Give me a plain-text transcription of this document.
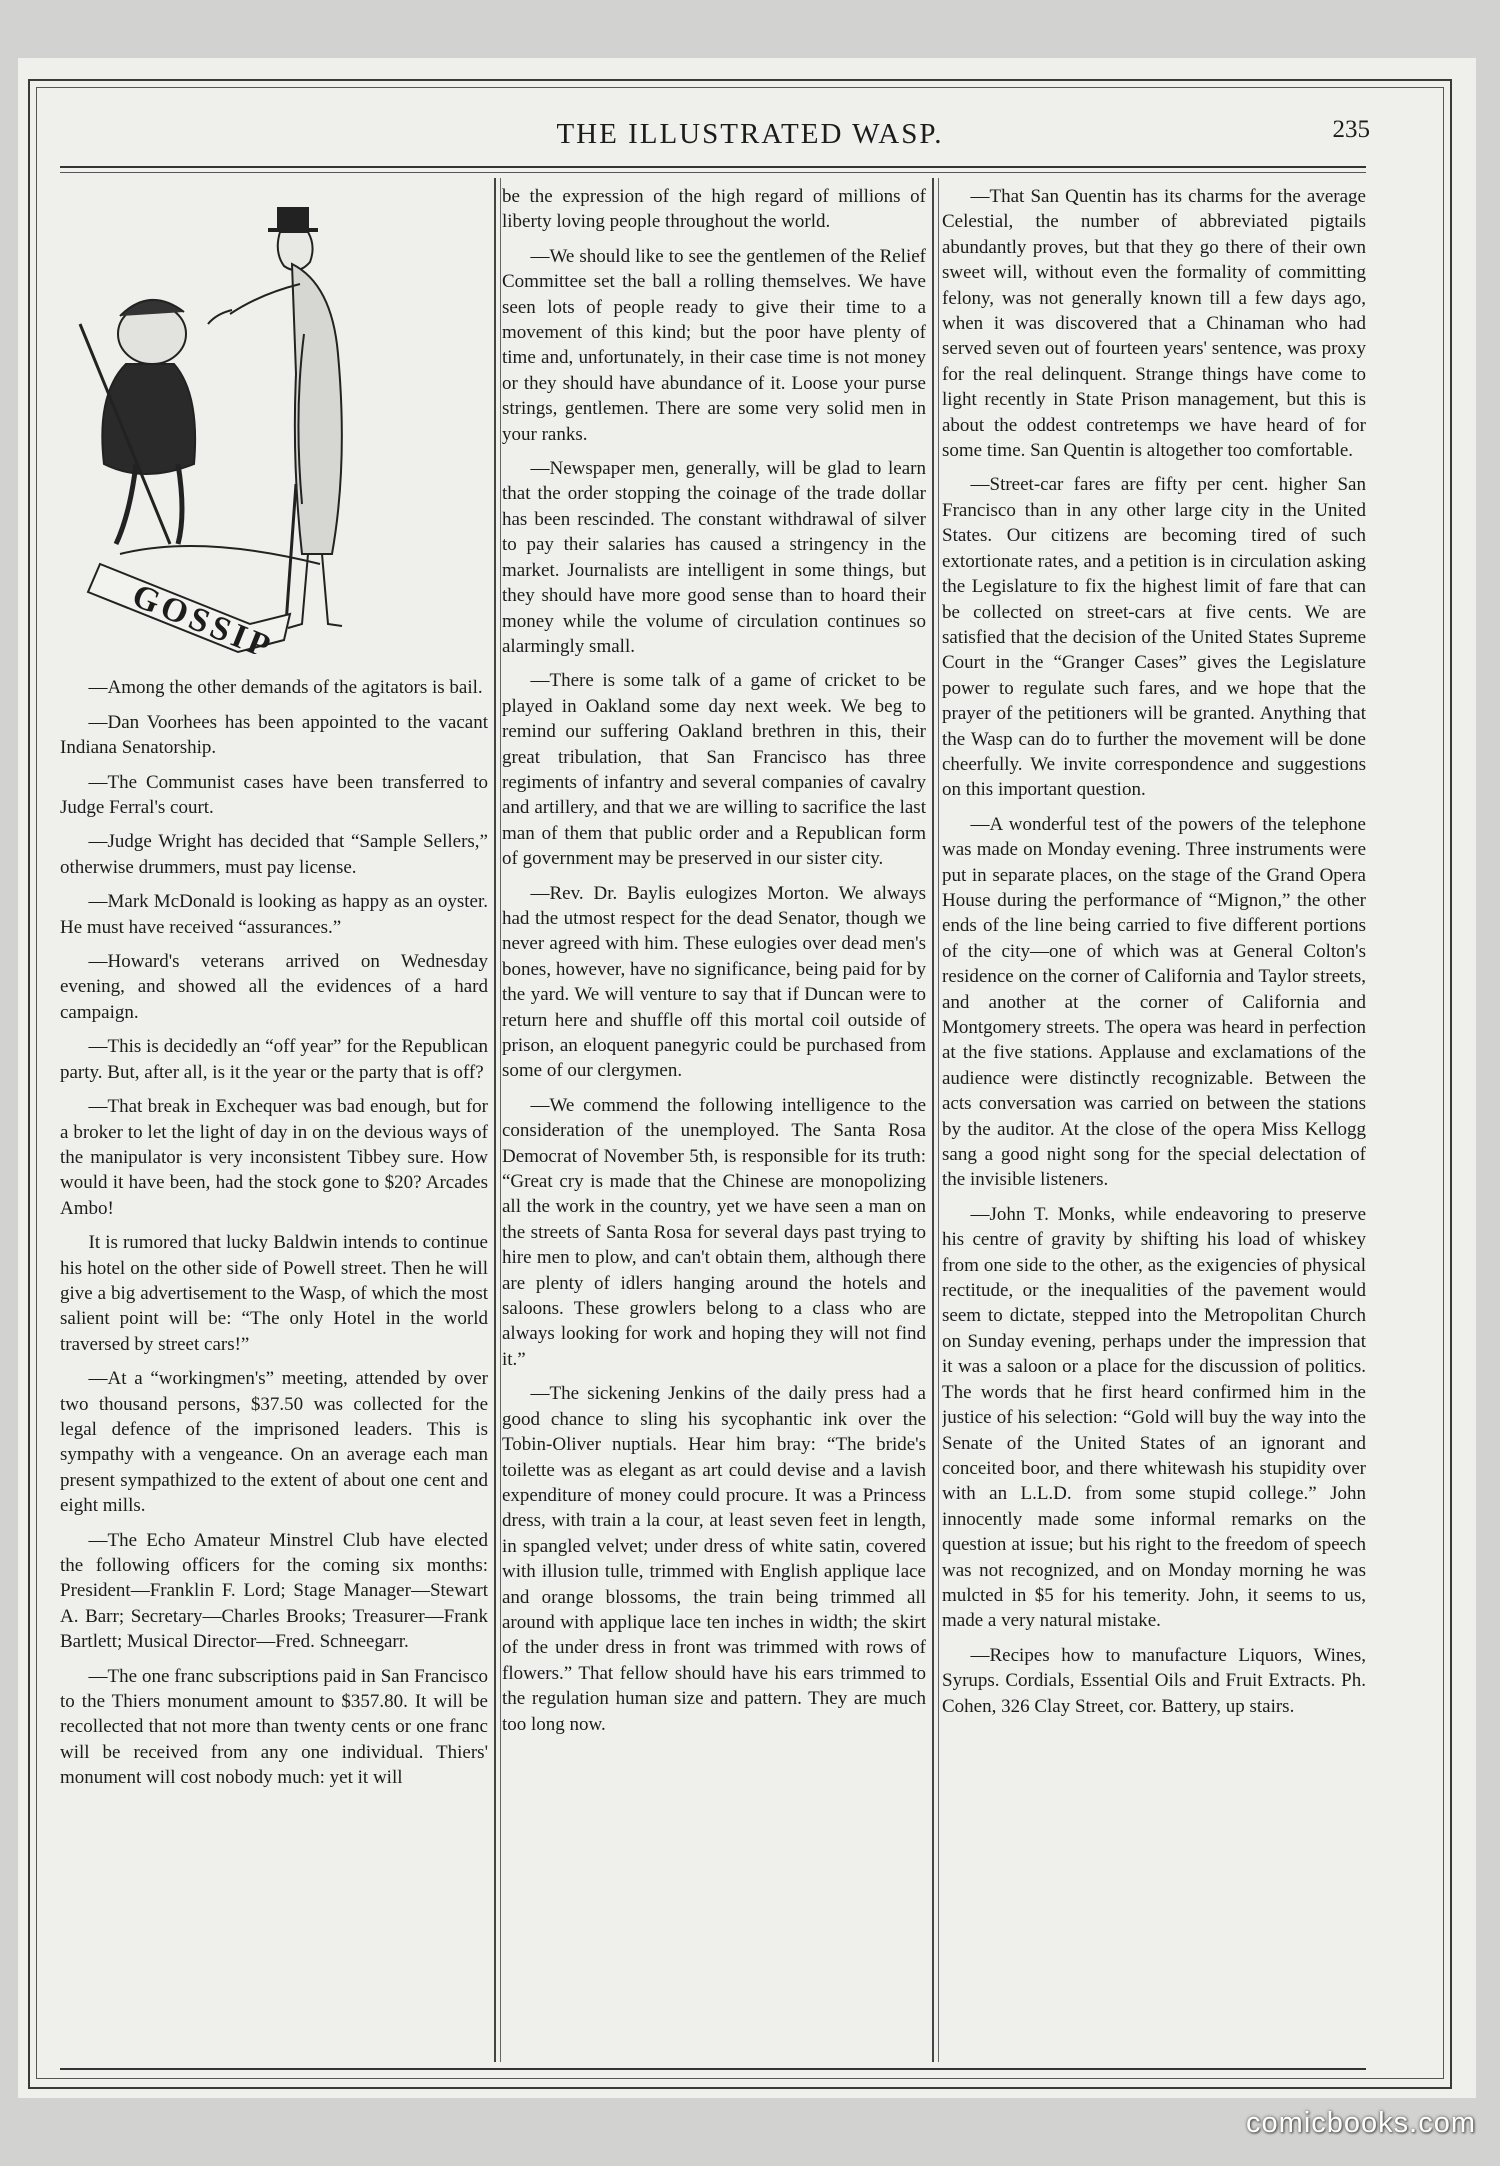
THE ILLUSTRATED WASP.	235
GOSSIP

—Among the other demands of the agitators is bail.

—Dan Voorhees has been appointed to the vacant Indiana Senatorship.

—The Communist cases have been transferred to Judge Ferral's court.

—Judge Wright has decided that “Sample Sellers,” otherwise drummers, must pay license.

—Mark McDonald is looking as happy as an oyster. He must have received “assurances.”

—Howard's veterans arrived on Wednesday evening, and showed all the evidences of a hard campaign.

—This is decidedly an “off year” for the Republican party. But, after all, is it the year or the party that is off?

—That break in Exchequer was bad enough, but for a broker to let the light of day in on the devious ways of the manipulator is very inconsistent Tibbey sure. How would it have been, had the stock gone to $20? Arcades Ambo!

It is rumored that lucky Baldwin intends to continue his hotel on the other side of Powell street. Then he will give a big advertisement to the Wasp, of which the most salient point will be: “The only Hotel in the world traversed by street cars!”

—At a “workingmen's” meeting, attended by over two thousand persons, $37.50 was collected for the legal defence of the imprisoned leaders. This is sympathy with a vengeance. On an average each man present sympathized to the extent of about one cent and eight mills.

—The Echo Amateur Minstrel Club have elected the following officers for the coming six months: President—Franklin F. Lord; Stage Manager—Stewart A. Barr; Secretary—Charles Brooks; Treasurer—Frank Bartlett; Musical Director—Fred. Schneegarr.

—The one franc subscriptions paid in San Francisco to the Thiers monument amount to $357.80. It will be recollected that not more than twenty cents or one franc will be received from any one individual. Thiers' monument will cost nobody much: yet it will

be the expression of the high regard of millions of liberty loving people throughout the world.

—We should like to see the gentlemen of the Relief Committee set the ball a rolling themselves. We have seen lots of people ready to give their time to a movement of this kind; but the poor have plenty of time and, unfortunately, in their case time is not money or they should have abundance of it. Loose your purse strings, gentlemen. There are some very solid men in your ranks.

—Newspaper men, generally, will be glad to learn that the order stopping the coinage of the trade dollar has been rescinded. The constant withdrawal of silver to pay their salaries has caused a stringency in the market. Journalists are intelligent in some things, but they should have more good sense than to hoard their money while the volume of circulation continues so alarmingly small.

—There is some talk of a game of cricket to be played in Oakland some day next week. We beg to remind our suffering Oakland brethren in this, their great tribulation, that San Francisco has three regiments of infantry and several companies of cavalry and artillery, and that we are willing to sacrifice the last man of them that public order and a Republican form of government may be preserved in our sister city.

—Rev. Dr. Baylis eulogizes Morton. We always had the utmost respect for the dead Senator, though we never agreed with him. These eulogies over dead men's bones, however, have no significance, being paid for by the yard. We will venture to say that if Duncan were to return here and shuffle off this mortal coil outside of prison, an eloquent panegyric could be purchased from some of our clergymen.

—We commend the following intelligence to the consideration of the unemployed. The Santa Rosa Democrat of November 5th, is responsible for its truth: “Great cry is made that the Chinese are monopolizing all the work in the country, yet we have seen a man on the streets of Santa Rosa for several days past trying to hire men to plow, and can't obtain them, although there are plenty of idlers hanging around the hotels and saloons. These growlers belong to a class who are always looking for work and hoping they will not find it.”

—The sickening Jenkins of the daily press had a good chance to sling his sycophantic ink over the Tobin-Oliver nuptials. Hear him bray: “The bride's toilette was as elegant as art could devise and a lavish expenditure of money could procure. It was a Princess dress, with train a la cour, at least seven feet in length, in spangled velvet; under dress of white satin, covered with illusion tulle, trimmed with English applique lace and orange blossoms, the train being trimmed all around with applique lace ten inches in width; the skirt of the under dress in front was trimmed with rows of flowers.” That fellow should have his ears trimmed to the regulation human size and pattern. They are much too long now.

—That San Quentin has its charms for the average Celestial, the number of abbreviated pigtails abundantly proves, but that they go there of their own sweet will, without even the formality of committing felony, was not generally known till a few days ago, when it was discovered that a Chinaman who had served seven out of fourteen years' sentence, was proxy for the real delinquent. Strange things have come to light recently in State Prison management, but this is about the oddest contretemps we have heard of for some time. San Quentin is altogether too comfortable.

—Street-car fares are fifty per cent. higher San Francisco than in any other large city in the United States. Our citizens are becoming tired of such extortionate rates, and a petition is in circulation asking the Legislature to fix the highest limit of fare that can be collected on street-cars at five cents. We are satisfied that the decision of the United States Supreme Court in the “Granger Cases” gives the Legislature power to regulate such fares, and we hope that the prayer of the petitioners will be granted. Anything that the Wasp can do to further the movement will be done cheerfully. We invite correspondence and suggestions on this important question.

—A wonderful test of the powers of the telephone was made on Monday evening. Three instruments were put in separate places, on the stage of the Grand Opera House during the performance of “Mignon,” the other ends of the line being carried to five different portions of the city—one of which was at General Colton's residence on the corner of California and Taylor streets, and another at the corner of California and Montgomery streets. The opera was heard in perfection at the five stations. Applause and exclamations of the audience were distinctly recognizable. Between the acts conversation was carried on between the stations by the auditor. At the close of the opera Miss Kellogg sang a good night song for the special delectation of the invisible listeners.

—John T. Monks, while endeavoring to preserve his centre of gravity by shifting his load of whiskey from one side to the other, as the exigencies of physical rectitude, or the inequalities of the pavement would seem to dictate, stepped into the Metropolitan Church on Sunday evening, perhaps under the impression that it was a saloon or a place for the discussion of politics. The words that he first heard confirmed him in the justice of his selection: “Gold will buy the way into the Senate of the United States of an ignorant and conceited boor, and there whitewash his stupidity over with an L.L.D. from some stupid college.” John innocently made some informal remarks on the question at issue; but his right to the freedom of speech was not recognized, and on Monday morning he was mulcted in $5 for his temerity. John, it seems to us, made a very natural mistake.

—Recipes how to manufacture Liquors, Wines, Syrups. Cordials, Essential Oils and Fruit Extracts. Ph. Cohen, 326 Clay Street, cor. Battery, up stairs.

comicbooks.com
